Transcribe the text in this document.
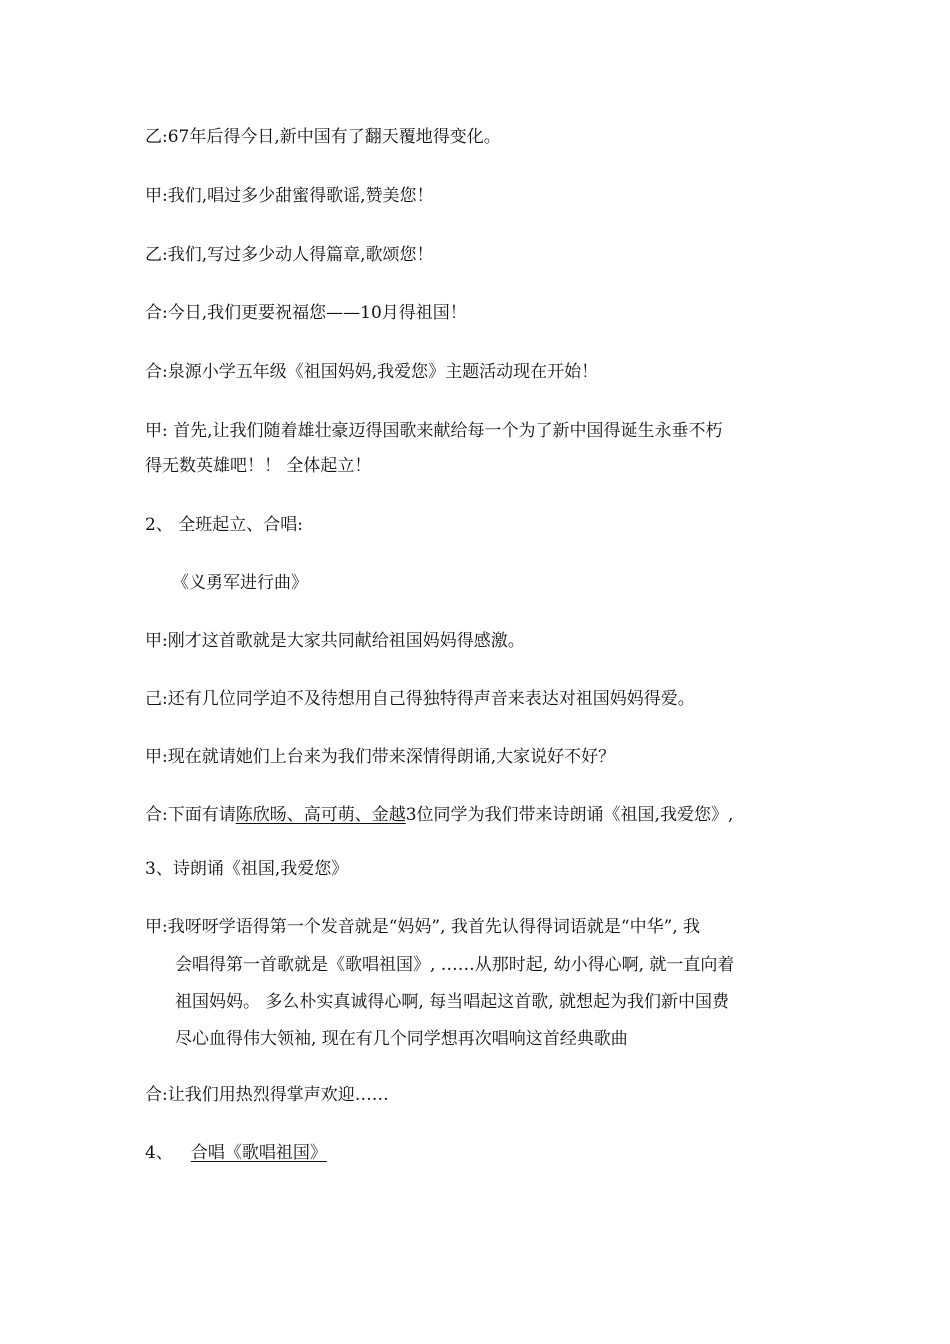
乙:67年后得今日,新中国有了翻天覆地得变化。
甲:我们,唱过多少甜蜜得歌谣,赞美您！
乙:我们,写过多少动人得篇章,歌颂您！
合:今日,我们更要祝福您——10月得祖国！
合:泉源小学五年级《祖国妈妈,我爱您》主题活动现在开始！
甲: 首先,让我们随着雄壮豪迈得国歌来献给每一个为了新中国得诞生永垂不朽
得无数英雄吧！！ 全体起立！
2、 全班起立、合唱:
《义勇军进行曲》
甲:刚才这首歌就是大家共同献给祖国妈妈得感激。
己:还有几位同学迫不及待想用自己得独特得声音来表达对祖国妈妈得爱。
甲:现在就请她们上台来为我们带来深情得朗诵,大家说好不好？
合:下面有请陈欣旸、高可萌、金越3位同学为我们带来诗朗诵《祖国,我爱您》,
3、诗朗诵《祖国,我爱您》
甲:我呀呀学语得第一个发音就是“妈妈”, 我首先认得得词语就是“中华”, 我
会唱得第一首歌就是《歌唱祖国》, ……从那时起, 幼小得心啊, 就一直向着
祖国妈妈。 多么朴实真诚得心啊, 每当唱起这首歌, 就想起为我们新中国费
尽心血得伟大领袖, 现在有几个同学想再次唱响这首经典歌曲
合:让我们用热烈得掌声欢迎……
4、 合唱《歌唱祖国》
